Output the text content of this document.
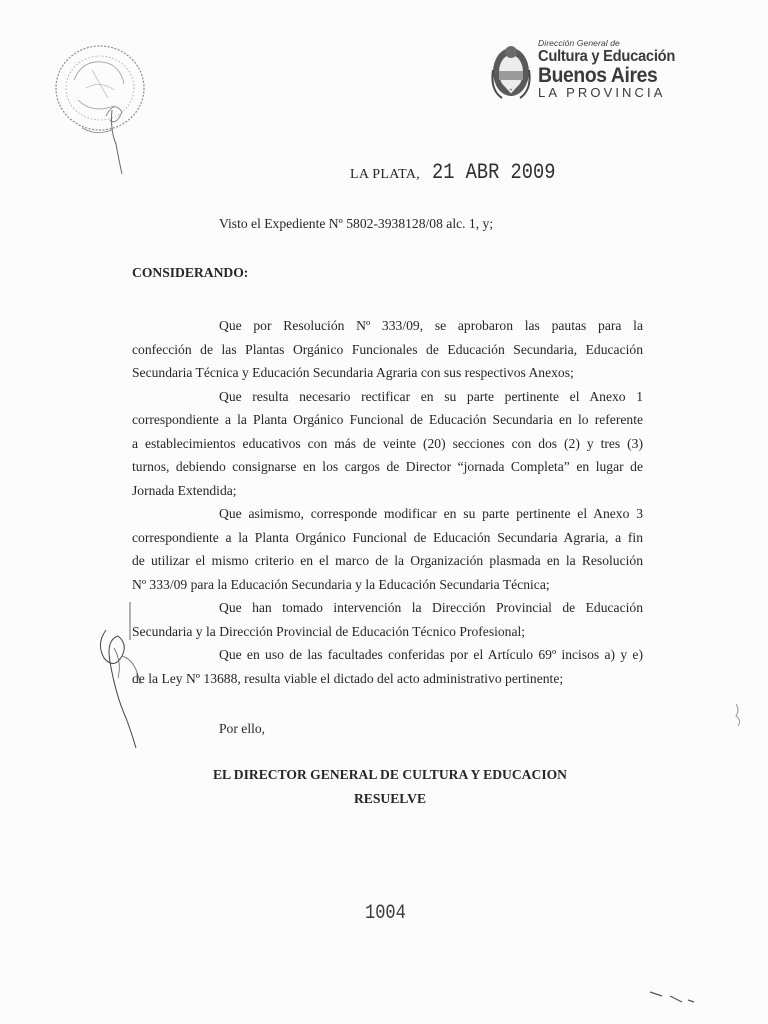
Dirección General de
Cultura y Educación
Buenos Aires
LA PROVINCIA
LA PLATA, 21 ABR 2009
Visto el Expediente Nº 5802-3938128/08 alc. 1, y;
CONSIDERANDO:
Que por Resolución Nº 333/09, se aprobaron las pautas para la
confección de las Plantas Orgánico Funcionales de Educación Secundaria, Educación
Secundaria Técnica y Educación Secundaria Agraria con sus respectivos Anexos;
Que resulta necesario rectificar en su parte pertinente el Anexo 1
correspondiente a la Planta Orgánico Funcional de Educación Secundaria en lo referente
a establecimientos educativos con más de veinte (20) secciones con dos (2) y tres (3)
turnos, debiendo consignarse en los cargos de Director “jornada Completa” en lugar de
Jornada Extendida;
Que asimismo, corresponde modificar en su parte pertinente el Anexo 3
correspondiente a la Planta Orgánico Funcional de Educación Secundaria Agraria, a fin
de utilizar el mismo criterio en el marco de la Organización plasmada en la Resolución
Nº 333/09 para la Educación Secundaria y la Educación Secundaria Técnica;
Que han tomado intervención la Dirección Provincial de Educación
Secundaria y la Dirección Provincial de Educación Técnico Profesional;
Que en uso de las facultades conferidas por el Artículo 69º incisos a) y e)
de la Ley Nº 13688, resulta viable el dictado del acto administrativo pertinente;
Por ello,
EL DIRECTOR GENERAL DE CULTURA Y EDUCACION
RESUELVE
1004
